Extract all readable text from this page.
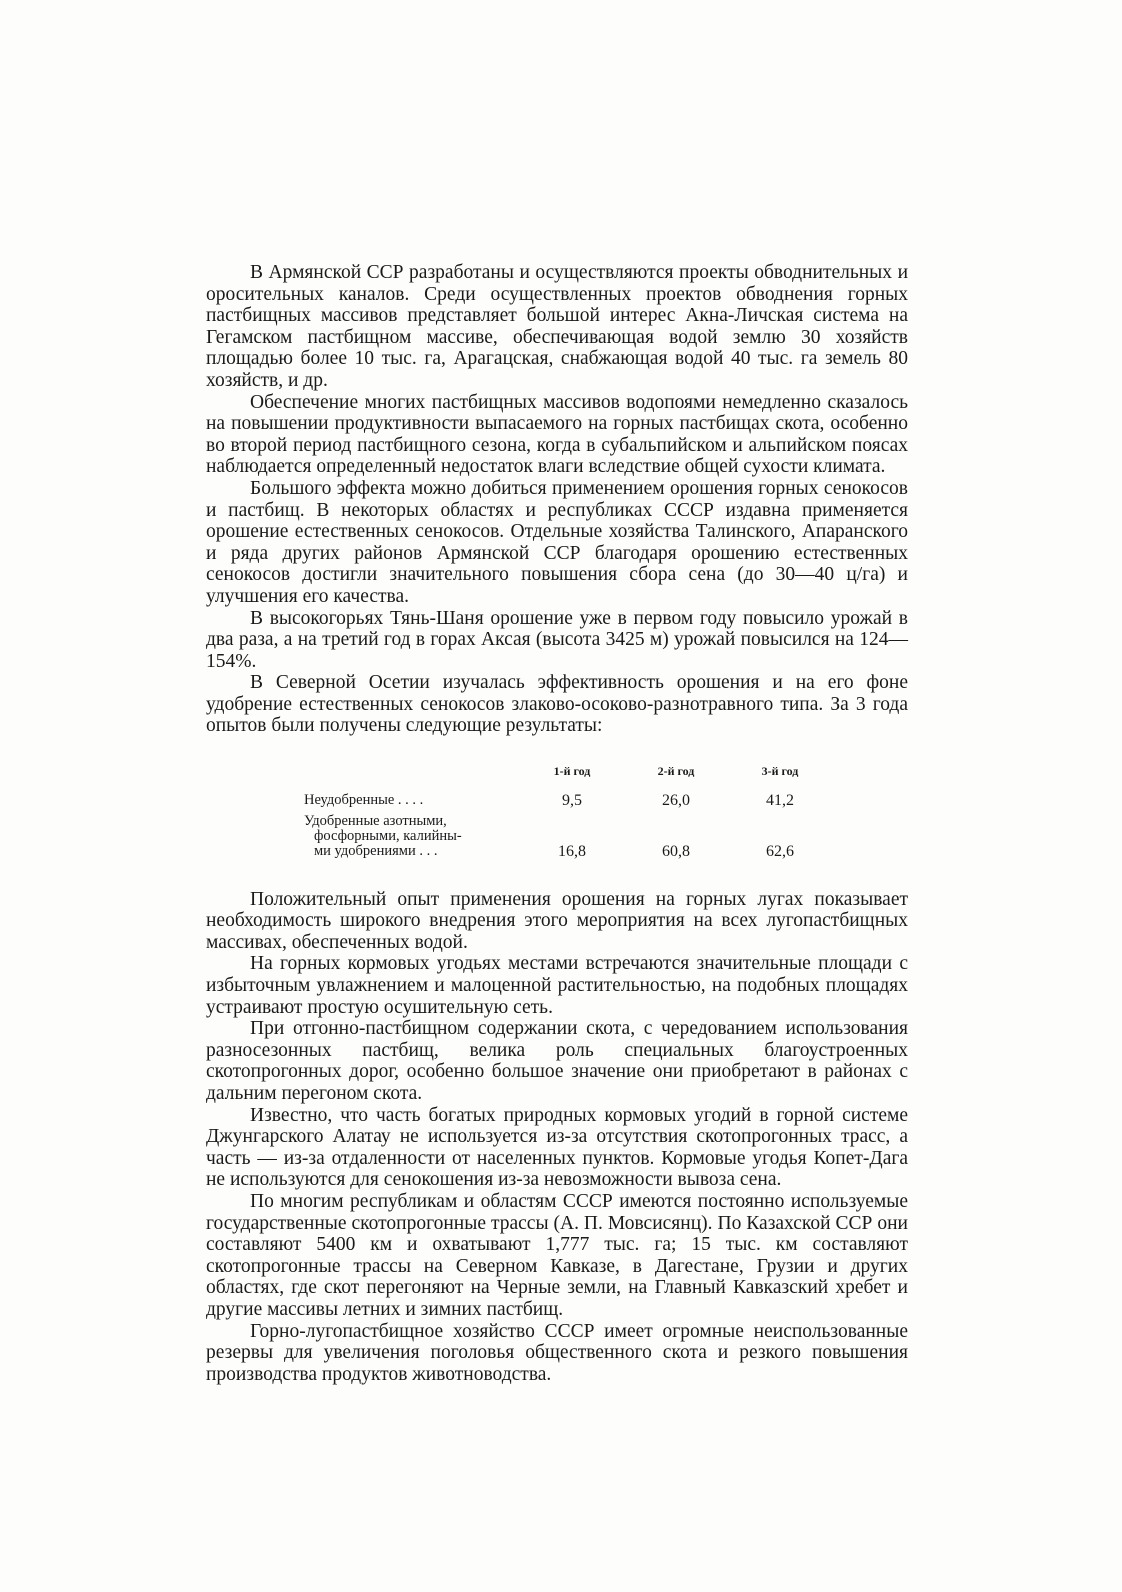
В Армянской ССР разработаны и осуществляются проекты обводнительных и оросительных каналов. Среди осуществленных проектов обводнения горных пастбищных массивов представляет большой интерес Акна-Личская система на Гегамском пастбищном массиве, обеспечивающая водой землю 30 хозяйств площадью более 10 тыс. га, Арагацская, снабжающая водой 40 тыс. га земель 80 хозяйств, и др.

Обеспечение многих пастбищных массивов водопоями немедленно сказалось на повышении продуктивности выпасаемого на горных пастбищах скота, особенно во второй период пастбищного сезона, когда в субальпийском и альпийском поясах наблюдается определенный недостаток влаги вследствие общей сухости климата.

Большого эффекта можно добиться применением орошения горных сенокосов и пастбищ. В некоторых областях и республиках СССР издавна применяется орошение естественных сенокосов. Отдельные хозяйства Талинского, Апаранского и ряда других районов Армянской ССР благодаря орошению естественных сенокосов достигли значительного повышения сбора сена (до 30—40 ц/га) и улучшения его качества.

В высокогорьях Тянь-Шаня орошение уже в первом году повысило урожай в два раза, а на третий год в горах Аксая (высота 3425 м) урожай повысился на 124—154%.

В Северной Осетии изучалась эффективность орошения и на его фоне удобрение естественных сенокосов злаково-осоково-разнотравного типа. За 3 года опытов были получены следующие результаты:

	1-й год	2-й год	3-й год
Неудобренные . . . .	9,5	26,0	41,2

Удобренные азотными,
фосфорными, калийны-
ми удобрениями . . .	16,8	60,8	62,6

Положительный опыт применения орошения на горных лугах показывает необходимость широкого внедрения этого мероприятия на всех лугопастбищных массивах, обеспеченных водой.

На горных кормовых угодьях местами встречаются значительные площади с избыточным увлажнением и малоценной растительностью, на подобных площадях устраивают простую осушительную сеть.

При отгонно-пастбищном содержании скота, с чередованием использования разносезонных пастбищ, велика роль специальных благоустроенных скотопрогонных дорог, особенно большое значение они приобретают в районах с дальним перегоном скота.

Известно, что часть богатых природных кормовых угодий в горной системе Джунгарского Алатау не используется из-за отсутствия скотопрогонных трасс, а часть — из-за отдаленности от населенных пунктов. Кормовые угодья Копет-Дага не используются для сенокошения из-за невозможности вывоза сена.

По многим республикам и областям СССР имеются постоянно используемые государственные скотопрогонные трассы (А. П. Мовсисянц). По Казахской ССР они составляют 5400 км и охватывают 1,777 тыс. га; 15 тыс. км составляют скотопрогонные трассы на Северном Кавказе, в Дагестане, Грузии и других областях, где скот перегоняют на Черные земли, на Главный Кавказский хребет и другие массивы летних и зимних пастбищ.

Горно-лугопастбищное хозяйство СССР имеет огромные неиспользованные резервы для увеличения поголовья общественного скота и резкого повышения производства продуктов животноводства.
